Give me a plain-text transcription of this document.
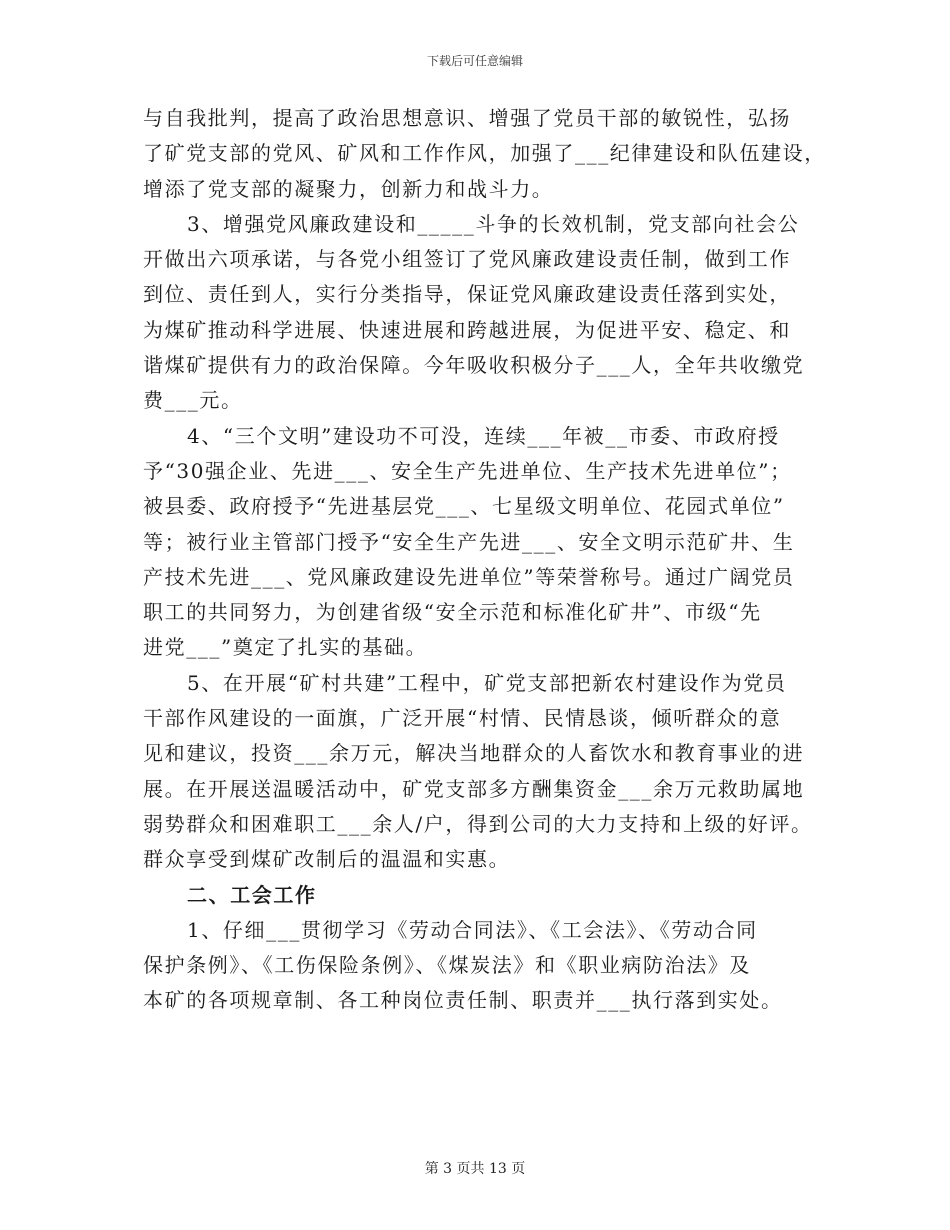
下载后可任意编辑
与自我批判，提高了政治思想意识、增强了党员干部的敏锐性，弘扬
了矿党支部的党风、矿风和工作作风，加强了___纪律建设和队伍建设，
增添了党支部的凝聚力，创新力和战斗力。
3、增强党风廉政建设和_____斗争的长效机制，党支部向社会公
开做出六项承诺，与各党小组签订了党风廉政建设责任制，做到工作
到位、责任到人，实行分类指导，保证党风廉政建设责任落到实处，
为煤矿推动科学进展、快速进展和跨越进展，为促进平安、稳定、和
谐煤矿提供有力的政治保障。今年吸收积极分子___人，全年共收缴党
费___元。
4、“三个文明”建设功不可没，连续___年被__市委、市政府授
予“30强企业、先进___、安全生产先进单位、生产技术先进单位”；
被县委、政府授予“先进基层党___、七星级文明单位、花园式单位”
等；被行业主管部门授予“安全生产先进___、安全文明示范矿井、生
产技术先进___、党风廉政建设先进单位”等荣誉称号。通过广阔党员
职工的共同努力，为创建省级“安全示范和标准化矿井”、市级“先
进党___”奠定了扎实的基础。
5、在开展“矿村共建”工程中，矿党支部把新农村建设作为党员
干部作风建设的一面旗，广泛开展“村情、民情恳谈，倾听群众的意
见和建议，投资___余万元，解决当地群众的人畜饮水和教育事业的进
展。在开展送温暖活动中，矿党支部多方酬集资金___余万元救助属地
弱势群众和困难职工___余人/户，得到公司的大力支持和上级的好评。
群众享受到煤矿改制后的温温和实惠。
二、工会工作
1、仔细___贯彻学习《劳动合同法》、《工会法》、《劳动合同
保护条例》、《工伤保险条例》、《煤炭法》和《职业病防治法》及
本矿的各项规章制、各工种岗位责任制、职责并___执行落到实处。
第 3 页共 13 页
